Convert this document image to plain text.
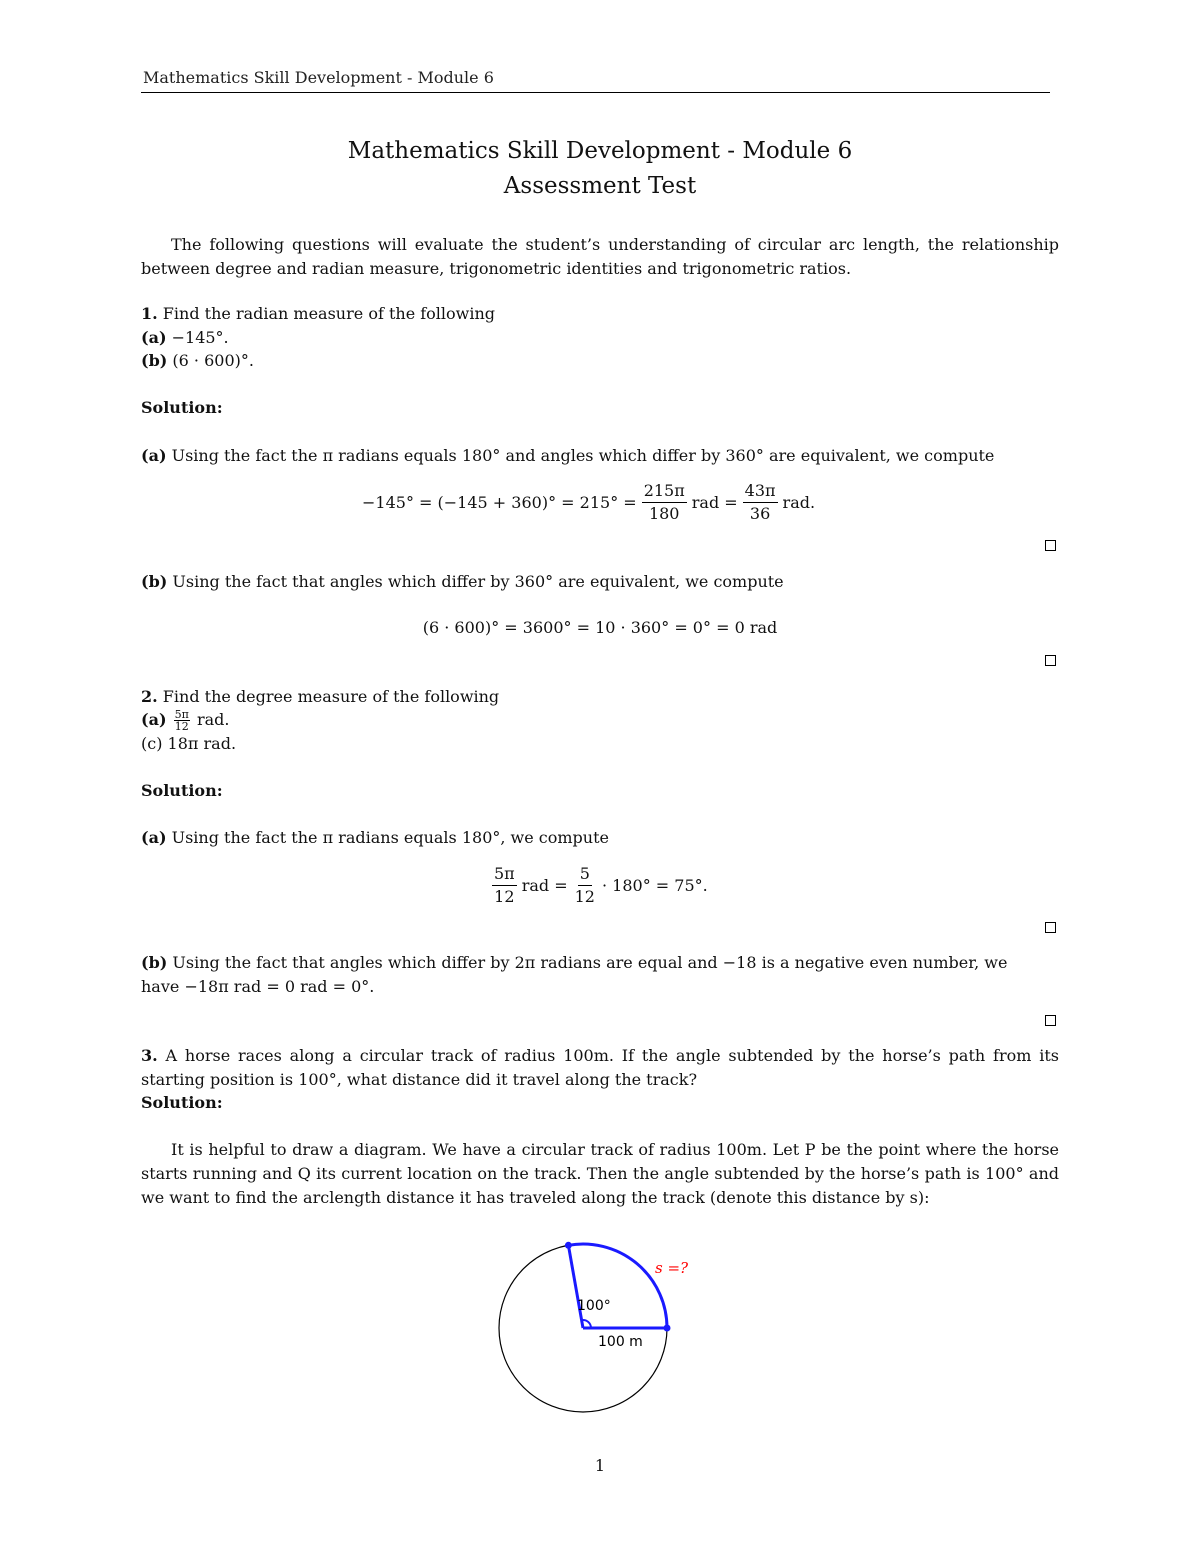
Mathematics Skill Development - Module 6
Mathematics Skill Development - Module 6
Assessment Test
The following questions will evaluate the student’s understanding of circular arc length, the relationship between degree and radian measure, trigonometric identities and trigonometric ratios.
1. Find the radian measure of the following
(a) −145°.
(b) (6 · 600)°.
Solution:
(a) Using the fact the π radians equals 180° and angles which differ by 360° are equivalent, we compute
$-145^\circ = (-145 + 360)^\circ = 215^\circ = \frac{215\pi}{180}$ rad = $\frac{43\pi}{36}$ rad.
(b) Using the fact that angles which differ by 360° are equivalent, we compute
(6 · 600)° = 3600° = 10 · 360° = 0° = 0 rad
2. Find the degree measure of the following
$(a) \frac{5\pi}{12}$ rad.
(c) 18π rad.
Solution:
(a) Using the fact the π radians equals 180°, we compute
$\frac{5\pi}{12}$ rad = $\frac{5}{12} \cdot 180^\circ = 75^\circ$.
(b) Using the fact that angles which differ by 2π radians are equal and −18 is a negative even number, we
have −18π rad = 0 rad = 0°.
3. A horse races along a circular track of radius 100m. If the angle subtended by the horse’s path from its starting position is 100°, what distance did it travel along the track?
Solution:
It is helpful to draw a diagram. We have a circular track of radius 100m. Let P be the point where the horse starts running and Q its current location on the track. Then the angle subtended by the horse’s path is 100° and we want to find the arclength distance it has traveled along the track (denote this distance by s):
100°
100 m
s =?
1
